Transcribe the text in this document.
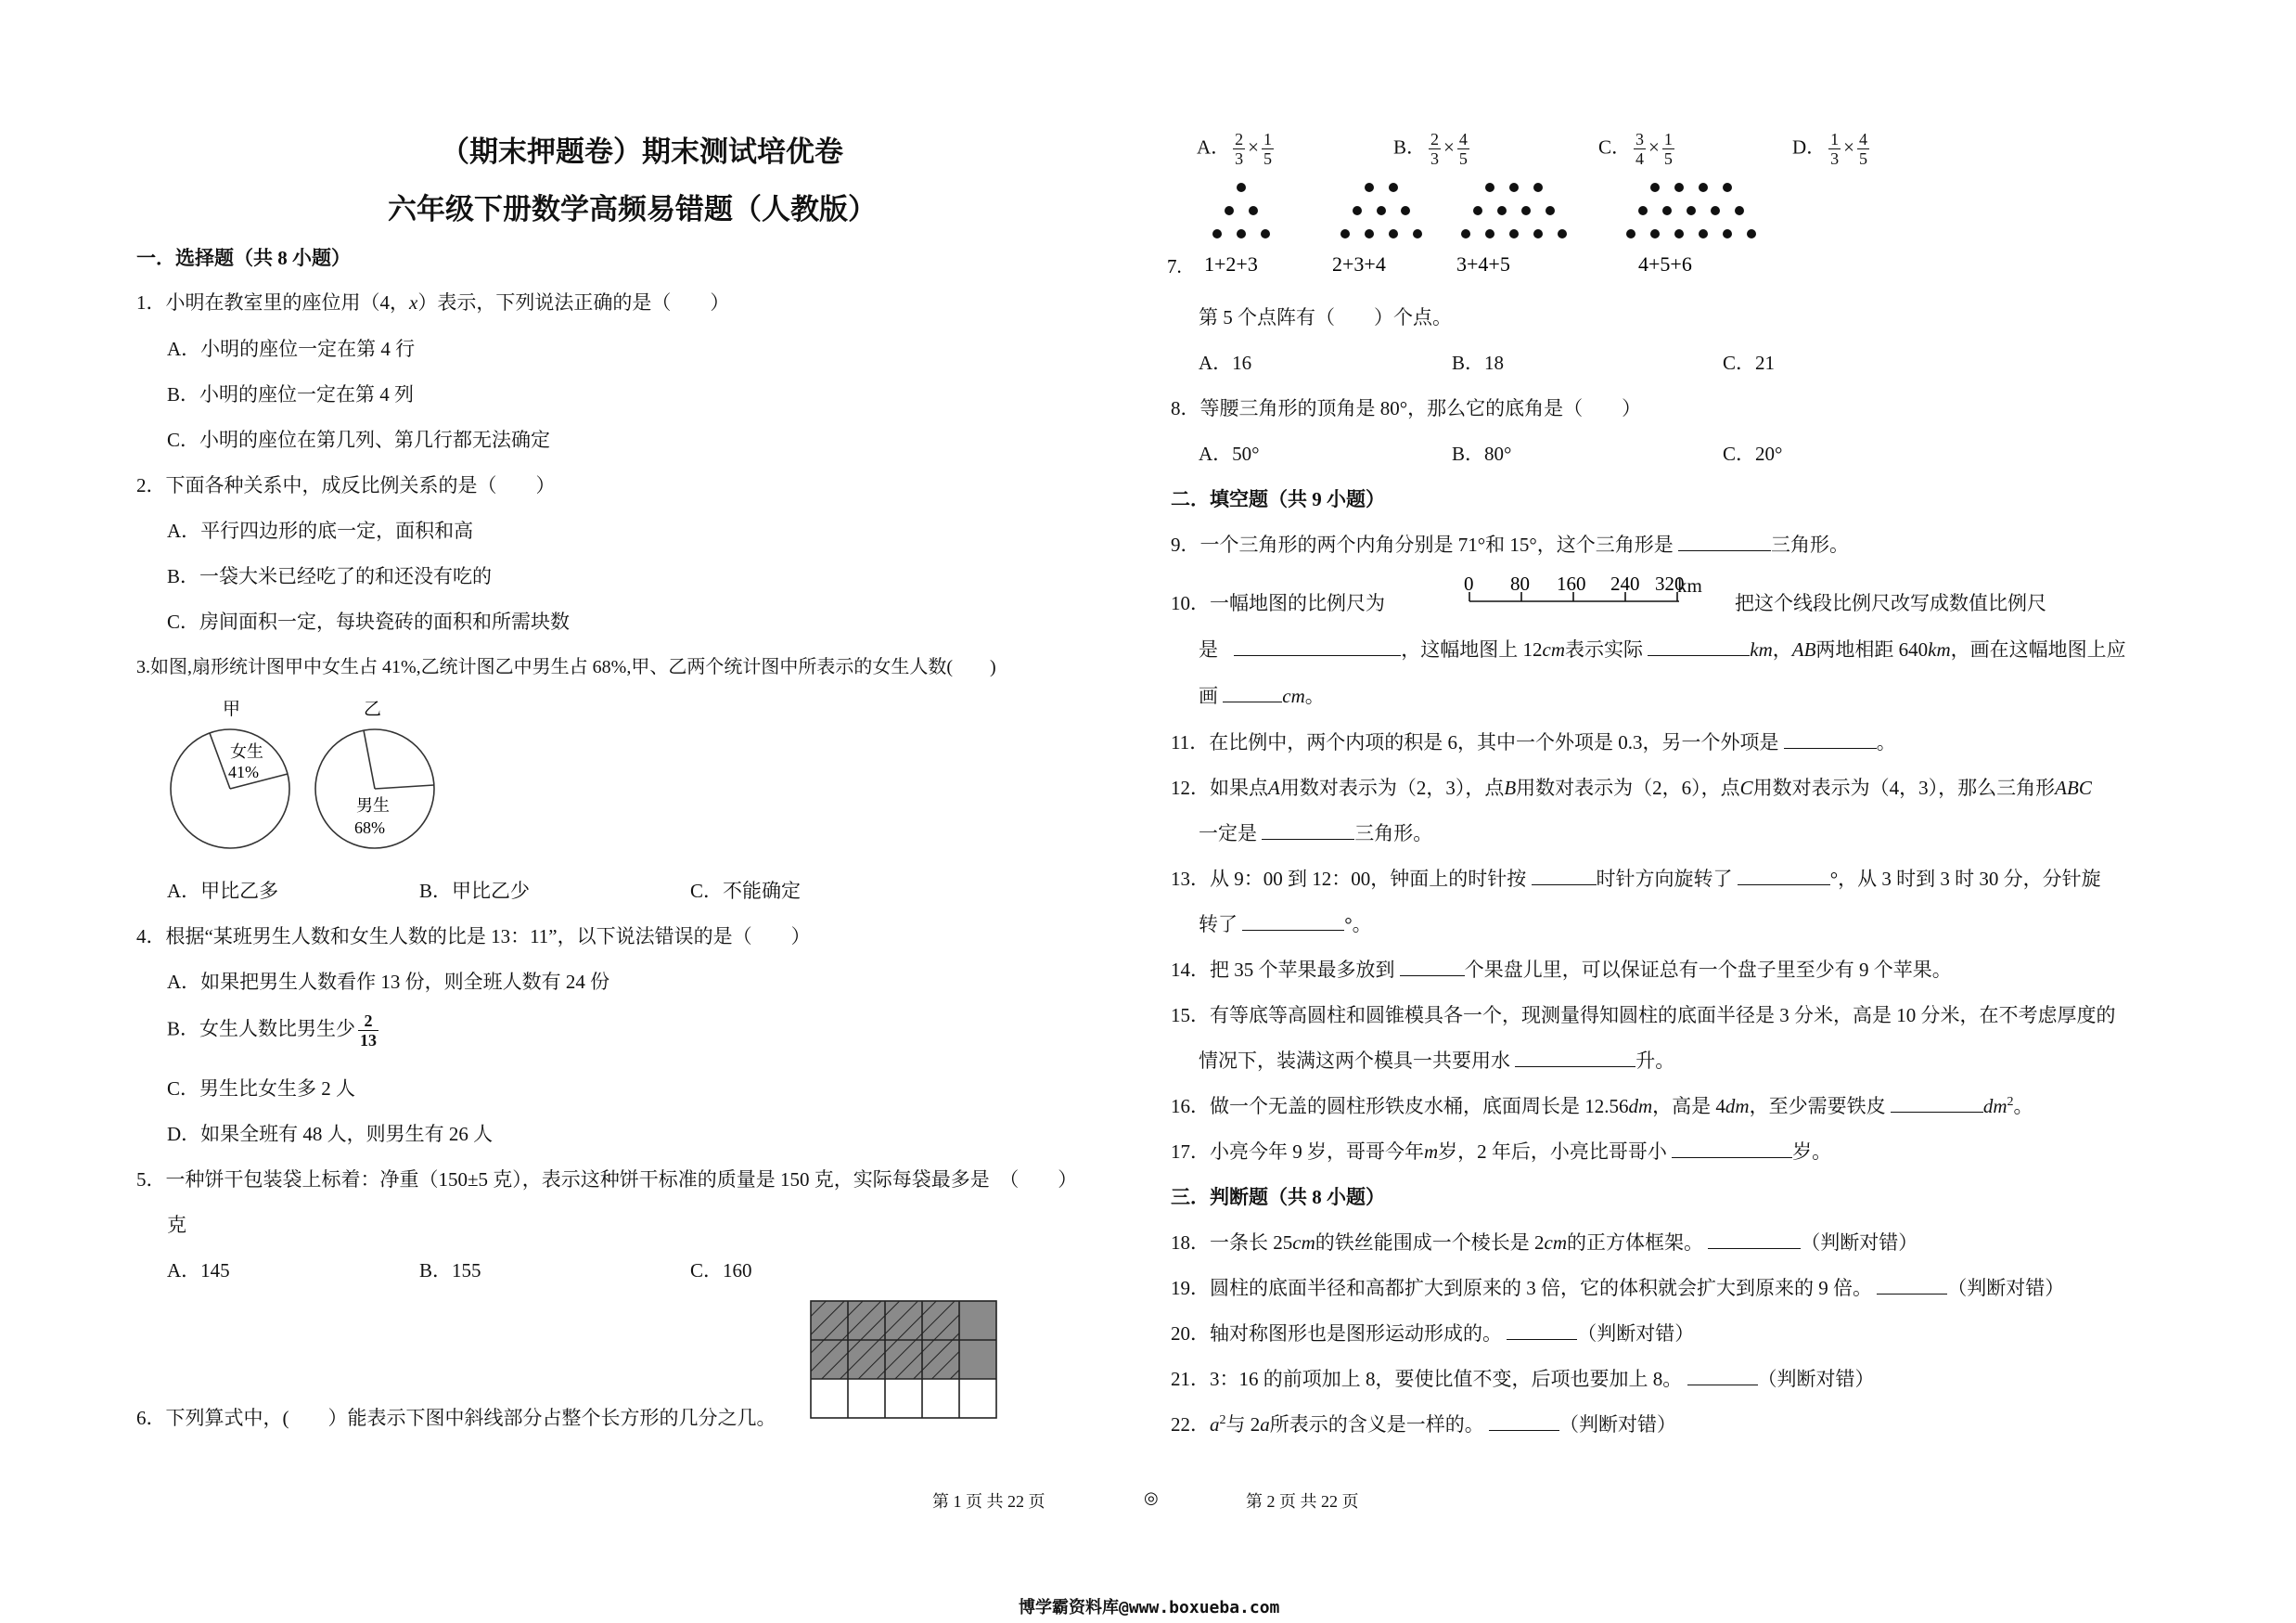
（期末押题卷）期末测试培优卷
六年级下册数学高频易错题（人教版）
一．选择题（共 8 小题）
1．小明在教室里的座位用（4，x）表示，下列说法正确的是（　　）
A．小明的座位一定在第 4 行
B．小明的座位一定在第 4 列
C．小明的座位在第几列、第几行都无法确定
2．下面各种关系中，成反比例关系的是（　　）
A．平行四边形的底一定，面积和高
B．一袋大米已经吃了的和还没有吃的
C．房间面积一定，每块瓷砖的面积和所需块数
3.如图,扇形统计图甲中女生占 41%,乙统计图乙中男生占 68%,甲、乙两个统计图中所表示的女生人数(　　)
甲	乙
女生
41%
男生
68%
A．甲比乙多	B．甲比乙少	C．不能确定
4．根据“某班男生人数和女生人数的比是 13：11”，以下说法错误的是（　　）
A．如果把男生人数看作 13 份，则全班人数有 24 份
B．女生人数比男生少 $\frac{2}{13}$
C．男生比女生多 2 人
D．如果全班有 48 人，则男生有 26 人
5．一种饼干包装袋上标着：净重（150±5 克），表示这种饼干标准的质量是 150 克，实际每袋最多是　（　　）
克
A．145	B．155	C．160
6．下列算式中，(　　）能表示下图中斜线部分占整个长方形的几分之几。
A． $\frac{2}{3} \times \frac{1}{5}$	B． $\frac{2}{3} \times \frac{4}{5}$	C． $\frac{3}{4} \times \frac{1}{5}$	D． $\frac{1}{3} \times \frac{4}{5}$
7. 1+2+3	2+3+4	3+4+5	4+5+6
第 5 个点阵有（　　）个点。
A．16	B．18	C．21
8．等腰三角形的顶角是 80°，那么它的底角是（　　）
A．50°	B．80°	C．20°
二．填空题（共 9 小题）
9．一个三角形的两个内角分别是 71°和 15°，这个三角形是	三角形。
10．一幅地图的比例尺为
0 80 160 240 320
km
把这个线段比例尺改写成数值比例尺
是	，这幅地图上 12cm表示实际	km，AB两地相距 640km，画在这幅地图上应
画	cm。
11．在比例中，两个内项的积是 6，其中一个外项是 0.3，另一个外项是	。
12．如果点A用数对表示为（2，3），点B用数对表示为（2，6），点C用数对表示为（4，3），那么三角形ABC
一定是	三角形。
13．从 9：00 到 12：00，钟面上的时针按	时针方向旋转了	°，从 3 时到 3 时 30 分，分针旋
转了	°。
14．把 35 个苹果最多放到	个果盘儿里，可以保证总有一个盘子里至少有 9 个苹果。
15．有等底等高圆柱和圆锥模具各一个，现测量得知圆柱的底面半径是 3 分米，高是 10 分米，在不考虑厚度的
情况下，装满这两个模具一共要用水	升。
16．做一个无盖的圆柱形铁皮水桶，底面周长是 12.56dm，高是 4dm，至少需要铁皮	$dm^2$。
17．小亮今年 9 岁，哥哥今年m岁，2 年后，小亮比哥哥小	岁。
三．判断题（共 8 小题）
18．一条长 25cm的铁丝能围成一个棱长是 2cm的正方体框架。	（判断对错）
19．圆柱的底面半径和高都扩大到原来的 3 倍，它的体积就会扩大到原来的 9 倍。	（判断对错）
20．轴对称图形也是图形运动形成的。	（判断对错）
21．3：16 的前项加上 8，要使比值不变，后项也要加上 8。	（判断对错）
22．$a^2$与 2a所表示的含义是一样的。	（判断对错）
第 1 页 共 22 页	◎	第 2 页 共 22 页
博学霸资料库@www.boxueba.com
